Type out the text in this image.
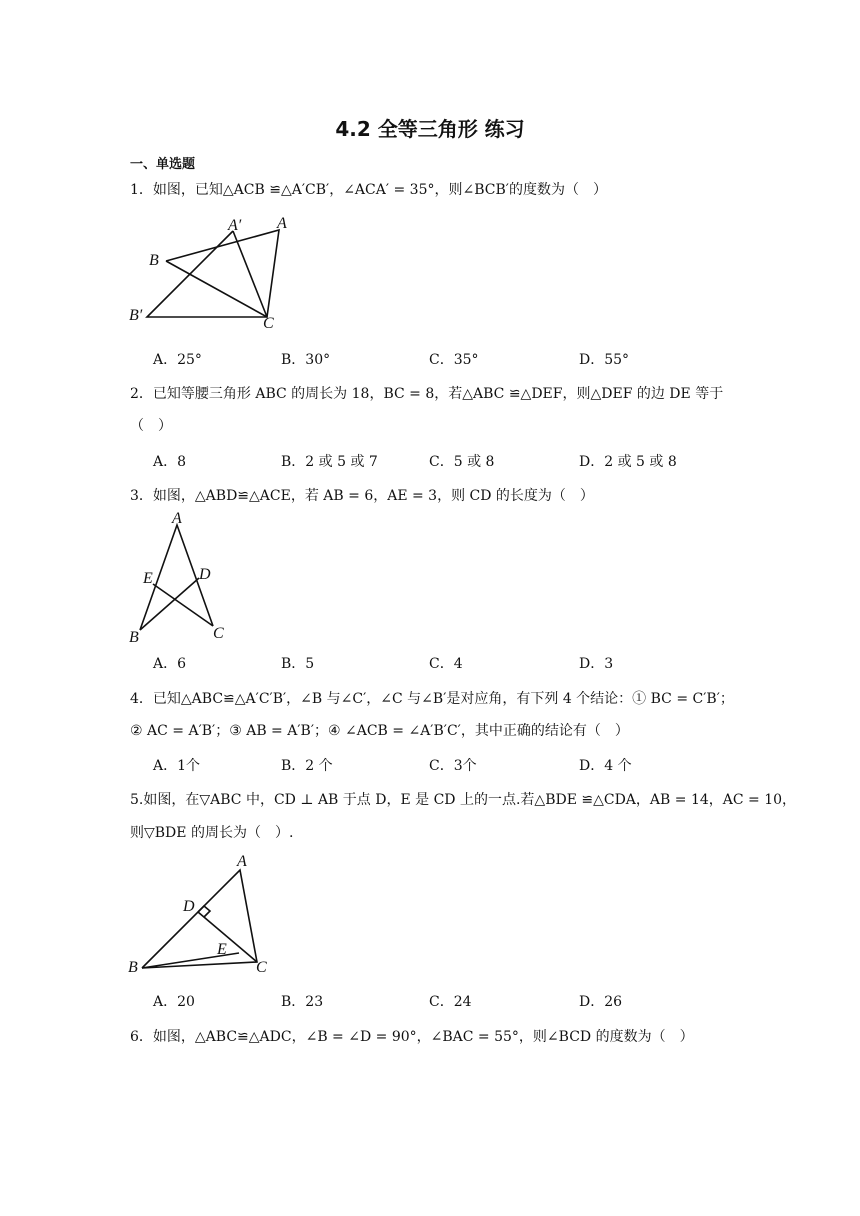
4.2 全等三角形 练习
一、单选题
1．如图，已知△ACB ≌△A′CB′，∠ACA′ = 35°，则∠BCB′的度数为（　）
A′ A
B
B′	C
A．25°	B．30°	C．35°	D．55°
2．已知等腰三角形 ABC 的周长为 18，BC = 8，若△ABC ≌△DEF，则△DEF 的边 DE 等于
（　）
A．8	B．2 或 5 或 7	C．5 或 8	D．2 或 5 或 8
3．如图，△ABD≌△ACE，若 AB = 6，AE = 3，则 CD 的长度为（　）
A
E	D
B	C
A．6	B．5	C．4	D．3
4．已知△ABC≌△A′C′B′，∠B 与∠C′，∠C 与∠B′是对应角，有下列 4 个结论：① BC = C′B′；
② AC = A′B′；③ AB = A′B′；④ ∠ACB = ∠A′B′C′，其中正确的结论有（　）
A．1个	B．2 个	C．3个	D．4 个
5.如图，在▽ABC 中，CD ⊥ AB 于点 D，E 是 CD 上的一点.若△BDE ≌△CDA，AB = 14，AC = 10，
则▽BDE 的周长为（　）.
A
D
E
B	C
A．20	B．23	C．24	D．26
6．如图，△ABC≌△ADC，∠B = ∠D = 90°，∠BAC = 55°，则∠BCD 的度数为（　）
